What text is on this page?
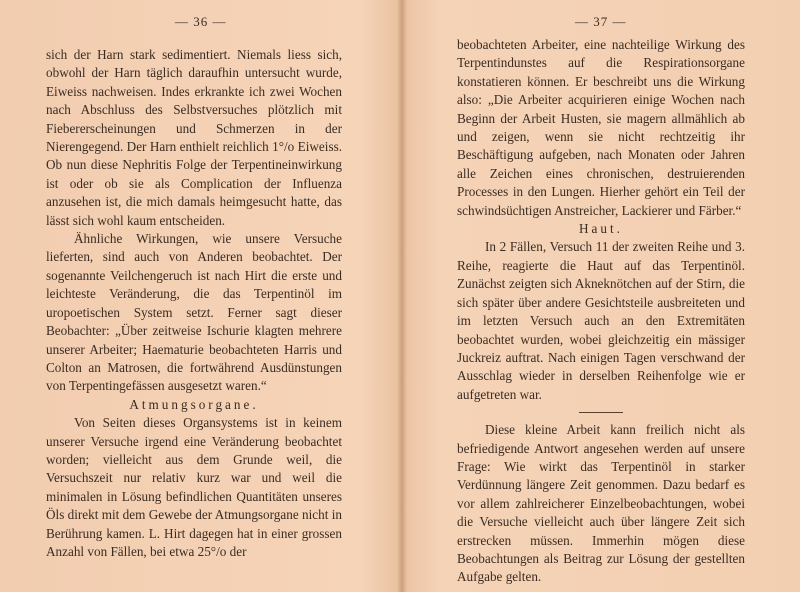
— 36 —

sich der Harn stark sedimentiert. Niemals liess sich, obwohl der Harn täglich daraufhin untersucht wurde, Eiweiss nachweisen. Indes erkrankte ich zwei Wochen nach Abschluss des Selbstversuches plötzlich mit Fiebererscheinungen und Schmerzen in der Nierengegend. Der Harn enthielt reichlich 1°/o Eiweiss. Ob nun diese Nephritis Folge der Terpentineinwirkung ist oder ob sie als Complication der Influenza anzusehen ist, die mich damals heimgesucht hatte, das lässt sich wohl kaum entscheiden.

Ähnliche Wirkungen, wie unsere Versuche lieferten, sind auch von Anderen beobachtet. Der sogenannte Veilchengeruch ist nach Hirt die erste und leichteste Veränderung, die das Terpentinöl im uropoetischen System setzt. Ferner sagt dieser Beobachter: „Über zeitweise Ischurie klagten mehrere unserer Arbeiter; Haematurie beobachteten Harris und Colton an Matrosen, die fortwährend Ausdünstungen von Terpentingefässen ausgesetzt waren.“

Atmungsorgane.

Von Seiten dieses Organsystems ist in keinem unserer Versuche irgend eine Veränderung beobachtet worden; vielleicht aus dem Grunde weil, die Versuchszeit nur relativ kurz war und weil die minimalen in Lösung befindlichen Quantitäten unseres Öls direkt mit dem Gewebe der Atmungsorgane nicht in Berührung kamen. L. Hirt dagegen hat in einer grossen Anzahl von Fällen, bei etwa 25°/o der

— 37 —

beobachteten Arbeiter, eine nachteilige Wirkung des Terpentindunstes auf die Respirationsorgane konstatieren können. Er beschreibt uns die Wirkung also: „Die Arbeiter acquirieren einige Wochen nach Beginn der Arbeit Husten, sie magern allmählich ab und zeigen, wenn sie nicht rechtzeitig ihr Beschäftigung aufgeben, nach Monaten oder Jahren alle Zeichen eines chronischen, destruierenden Processes in den Lungen. Hierher gehört ein Teil der schwindsüchtigen Anstreicher, Lackierer und Färber.“

Haut.

In 2 Fällen, Versuch 11 der zweiten Reihe und 3. Reihe, reagierte die Haut auf das Terpentinöl. Zunächst zeigten sich Akneknötchen auf der Stirn, die sich später über andere Gesichtsteile ausbreiteten und im letzten Versuch auch an den Extremitäten beobachtet wurden, wobei gleichzeitig ein mässiger Juckreiz auftrat. Nach einigen Tagen verschwand der Ausschlag wieder in derselben Reihenfolge wie er aufgetreten war.

Diese kleine Arbeit kann freilich nicht als befriedigende Antwort angesehen werden auf unsere Frage: Wie wirkt das Terpentinöl in starker Verdünnung längere Zeit genommen. Dazu bedarf es vor allem zahlreicherer Einzelbeobachtungen, wobei die Versuche vielleicht auch über längere Zeit sich erstrecken müssen. Immerhin mögen diese Beobachtungen als Beitrag zur Lösung der gestellten Aufgabe gelten.
